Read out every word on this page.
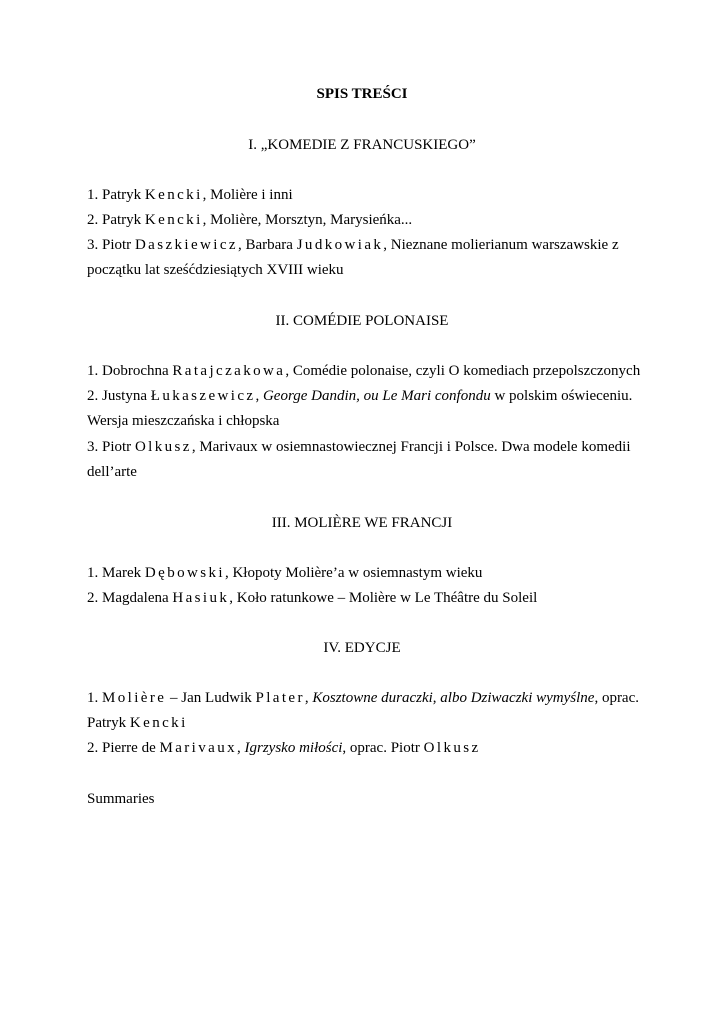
SPIS TREŚCI
I. „KOMEDIE Z FRANCUSKIEGO”
1. Patryk Kencki, Molière i inni
2. Patryk Kencki, Molière, Morsztyn, Marysieńka...
3. Piotr Daszkiewicz, Barbara Judkowiak, Nieznane molierianum warszawskie z
początku lat sześćdziesiątych XVIII wieku
II. COMÉDIE POLONAISE
1. Dobrochna Ratajczakowa, Comédie polonaise, czyli O komediach przepolszczonych
2. Justyna Łukaszewicz, George Dandin, ou Le Mari confondu w polskim oświeceniu.
Wersja mieszczańska i chłopska
3. Piotr Olkusz, Marivaux w osiemnastowiecznej Francji i Polsce. Dwa modele komedii
dell’arte
III. MOLIÈRE WE FRANCJI
1. Marek Dębowski, Kłopoty Molière’a w osiemnastym wieku
2. Magdalena Hasiuk, Koło ratunkowe – Molière w Le Théâtre du Soleil
IV. EDYCJE
1. Molière – Jan Ludwik Plater, Kosztowne duraczki, albo Dziwaczki wymyślne, oprac.
Patryk Kencki
2. Pierre de Marivaux, Igrzysko miłości, oprac. Piotr Olkusz
Summaries
